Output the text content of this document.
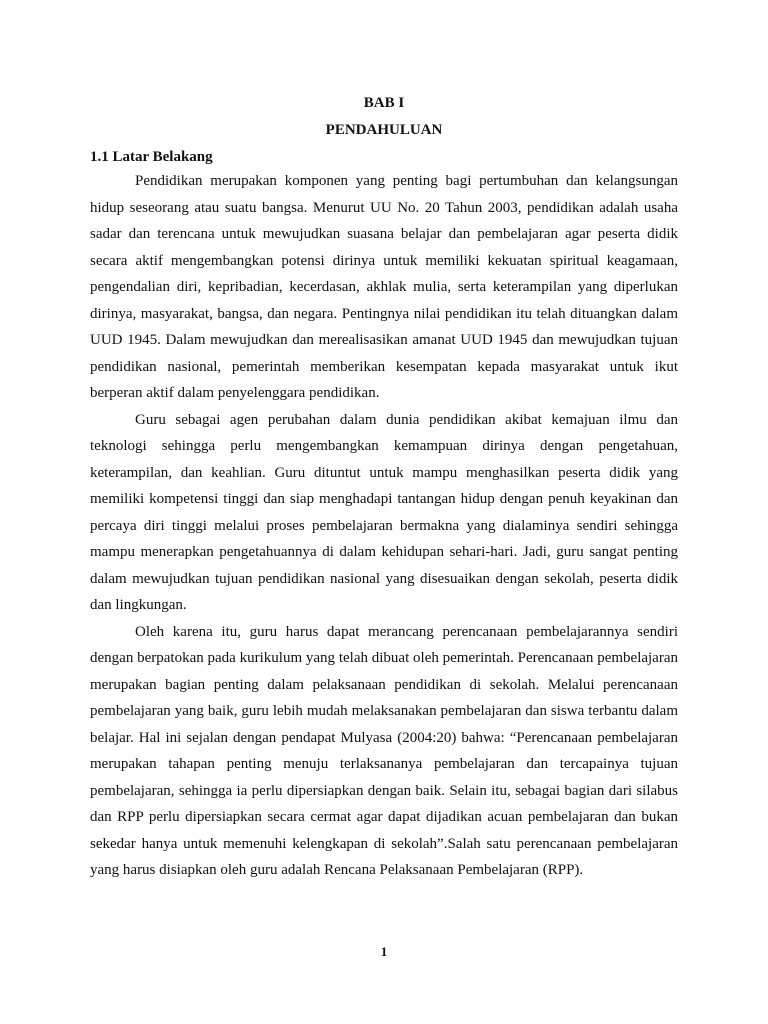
BAB I
PENDAHULUAN
1.1 Latar Belakang

Pendidikan merupakan komponen yang penting bagi pertumbuhan dan kelangsungan hidup seseorang atau suatu bangsa. Menurut UU No. 20 Tahun 2003, pendidikan adalah usaha sadar dan terencana untuk mewujudkan suasana belajar dan pembelajaran agar peserta didik secara aktif mengembangkan potensi dirinya untuk memiliki kekuatan spiritual keagamaan, pengendalian diri, kepribadian, kecerdasan, akhlak mulia, serta keterampilan yang diperlukan dirinya, masyarakat, bangsa, dan negara. Pentingnya nilai pendidikan itu telah dituangkan dalam UUD 1945. Dalam mewujudkan dan merealisasikan amanat UUD 1945 dan mewujudkan tujuan pendidikan nasional, pemerintah memberikan kesempatan kepada masyarakat untuk ikut berperan aktif dalam penyelenggara pendidikan.

Guru sebagai agen perubahan dalam dunia pendidikan akibat kemajuan ilmu dan teknologi sehingga perlu mengembangkan kemampuan dirinya dengan pengetahuan, keterampilan, dan keahlian. Guru dituntut untuk mampu menghasilkan peserta didik yang memiliki kompetensi tinggi dan siap menghadapi tantangan hidup dengan penuh keyakinan dan percaya diri tinggi melalui proses pembelajaran bermakna yang dialaminya sendiri sehingga mampu menerapkan pengetahuannya di dalam kehidupan sehari-hari. Jadi, guru sangat penting dalam mewujudkan tujuan pendidikan nasional yang disesuaikan dengan sekolah, peserta didik dan lingkungan.

Oleh karena itu, guru harus dapat merancang perencanaan pembelajarannya sendiri dengan berpatokan pada kurikulum yang telah dibuat oleh pemerintah. Perencanaan pembelajaran merupakan bagian penting dalam pelaksanaan pendidikan di sekolah. Melalui perencanaan pembelajaran yang baik, guru lebih mudah melaksanakan pembelajaran dan siswa terbantu dalam belajar. Hal ini sejalan dengan pendapat Mulyasa (2004:20) bahwa: “Perencanaan pembelajaran merupakan tahapan penting menuju terlaksananya pembelajaran dan tercapainya tujuan pembelajaran, sehingga ia perlu dipersiapkan dengan baik. Selain itu, sebagai bagian dari silabus dan RPP perlu dipersiapkan secara cermat agar dapat dijadikan acuan pembelajaran dan bukan sekedar hanya untuk memenuhi kelengkapan di sekolah”.Salah satu perencanaan pembelajaran yang harus disiapkan oleh guru adalah Rencana Pelaksanaan Pembelajaran (RPP).

1
